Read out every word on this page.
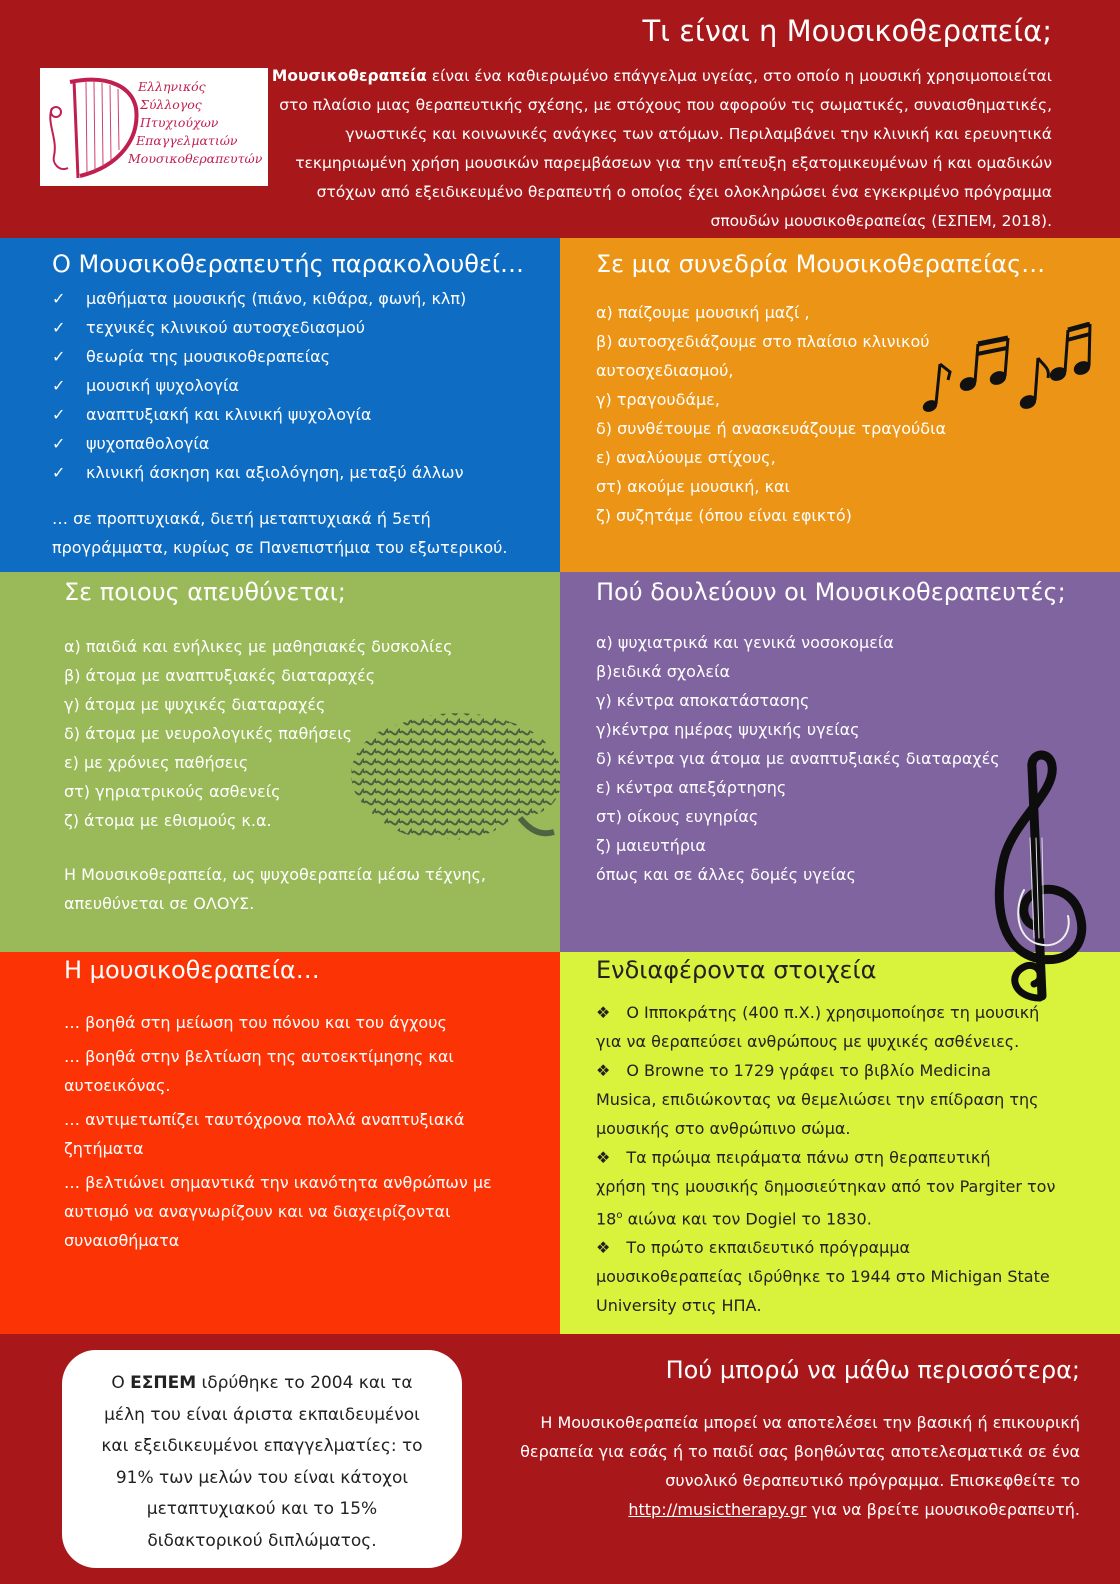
Τι είναι η Μουσικοθεραπεία;
Ελληνικός
Σύλλογος
Πτυχιούχων
Επαγγελματιών
Μουσικοθεραπευτών
Η Μουσικοθεραπεία είναι ένα καθιερωμένο επάγγελμα υγείας, στο οποίο η μουσική χρησιμοποιείται στο πλαίσιο μιας θεραπευτικής σχέσης, με στόχους που αφορούν τις σωματικές, συναισθηματικές, γνωστικές και κοινωνικές ανάγκες των ατόμων. Περιλαμβάνει την κλινική και ερευνητικά τεκμηριωμένη χρήση μουσικών παρεμβάσεων για την επίτευξη εξατομικευμένων ή και ομαδικών στόχων από εξειδικευμένο θεραπευτή ο οποίος έχει ολοκληρώσει ένα εγκεκριμένο πρόγραμμα σπουδών μουσικοθεραπείας (ΕΣΠΕΜ, 2018).
Ο Μουσικοθεραπευτής παρακολουθεί…
✓ μαθήματα μουσικής (πιάνο, κιθάρα, φωνή, κλπ)
✓ τεχνικές κλινικού αυτοσχεδιασμού
✓ θεωρία της μουσικοθεραπείας
✓ μουσική ψυχολογία
✓ αναπτυξιακή και κλινική ψυχολογία
✓ ψυχοπαθολογία
✓ κλινική άσκηση και αξιολόγηση, μεταξύ άλλων
… σε προπτυχιακά, διετή μεταπτυχιακά ή 5ετή
προγράμματα, κυρίως σε Πανεπιστήμια του εξωτερικού.
Σε μια συνεδρία Μουσικοθεραπείας…
α) παίζουμε μουσική μαζί ,
β) αυτοσχεδιάζουμε στο πλαίσιο κλινικού
αυτοσχεδιασμού,
γ) τραγουδάμε,
δ) συνθέτουμε ή ανασκευάζουμε τραγούδια
ε) αναλύουμε στίχους,
στ) ακούμε μουσική, και
ζ) συζητάμε (όπου είναι εφικτό)
Σε ποιους απευθύνεται;
α) παιδιά και ενήλικες με μαθησιακές δυσκολίες
β) άτομα με αναπτυξιακές διαταραχές
γ) άτομα με ψυχικές διαταραχές
δ) άτομα με νευρολογικές παθήσεις
ε) με χρόνιες παθήσεις
στ) γηριατρικούς ασθενείς
ζ) άτομα με εθισμούς κ.α.
Η Μουσικοθεραπεία, ως ψυχοθεραπεία μέσω τέχνης,
απευθύνεται σε ΟΛΟΥΣ.
Πού δουλεύουν οι Μουσικοθεραπευτές;
α) ψυχιατρικά και γενικά νοσοκομεία
β)ειδικά σχολεία
γ) κέντρα αποκατάστασης
γ)κέντρα ημέρας ψυχικής υγείας
δ) κέντρα για άτομα με αναπτυξιακές διαταραχές
ε) κέντρα απεξάρτησης
στ) οίκους ευγηρίας
ζ) μαιευτήρια
όπως και σε άλλες δομές υγείας
Η μουσικοθεραπεία…
… βοηθά στη μείωση του πόνου και του άγχους
… βοηθά στην βελτίωση της αυτοεκτίμησης και
αυτοεικόνας.
… αντιμετωπίζει ταυτόχρονα πολλά αναπτυξιακά
ζητήματα
… βελτιώνει σημαντικά την ικανότητα ανθρώπων με
αυτισμό να αναγνωρίζουν και να διαχειρίζονται
συναισθήματα
Ενδιαφέροντα στοιχεία
❖ Ο Ιπποκράτης (400 π.Χ.) χρησιμοποίησε τη μουσική
για να θεραπεύσει ανθρώπους με ψυχικές ασθένειες.
❖ Ο Browne το 1729 γράφει το βιβλίο Medicina
Musica, επιδιώκοντας να θεμελιώσει την επίδραση της
μουσικής στο ανθρώπινο σώμα.
❖ Τα πρώιμα πειράματα πάνω στη θεραπευτική
χρήση της μουσικής δημοσιεύτηκαν από τον Pargiter τον
$18^o$ αιώνα και τον Dogiel το 1830.
❖ Το πρώτο εκπαιδευτικό πρόγραμμα
μουσικοθεραπείας ιδρύθηκε το 1944 στο Michigan State
University στις ΗΠΑ.
Ο ΕΣΠΕΜ ιδρύθηκε το 2004 και τα
μέλη του είναι άριστα εκπαιδευμένοι
και εξειδικευμένοι επαγγελματίες: το
91% των μελών του είναι κάτοχοι
μεταπτυχιακού και το 15%
διδακτορικού διπλώματος.
Πού μπορώ να μάθω περισσότερα;
Η Μουσικοθεραπεία μπορεί να αποτελέσει την βασική ή επικουρική
θεραπεία για εσάς ή το παιδί σας βοηθώντας αποτελεσματικά σε ένα
συνολικό θεραπευτικό πρόγραμμα. Επισκεφθείτε το
http://musictherapy.gr για να βρείτε μουσικοθεραπευτή.
